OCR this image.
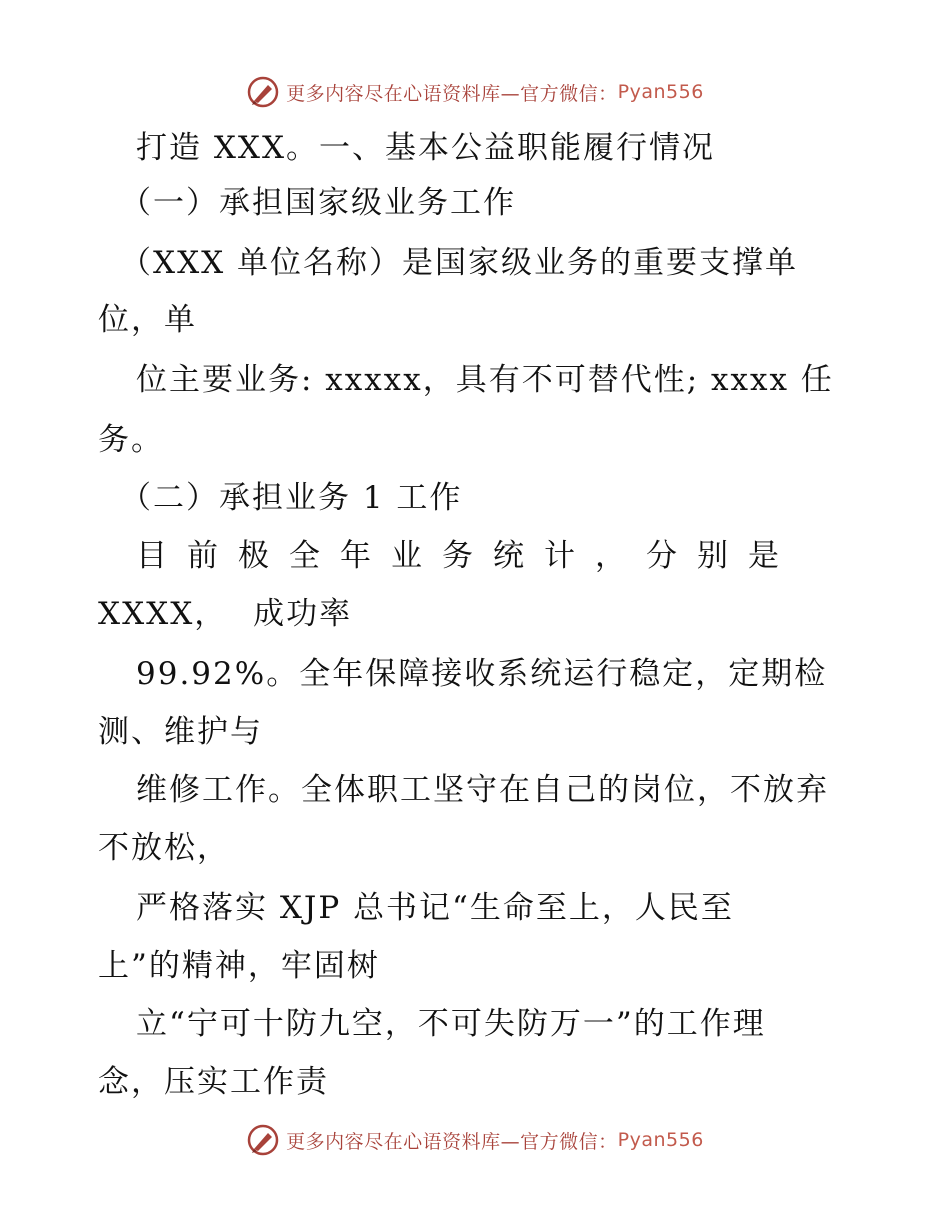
更多内容尽在心语资料库—官方微信： Pyan556
打造 XXX。一、基本公益职能履行情况
（一）承担国家级业务工作
（XXX 单位名称）是国家级业务的重要支撑单
位，单
位主要业务: xxxxx，具有不可替代性; xxxx 任
务。
（二）承担业务 1 工作
目前极全年业务统计，分别是
XXXX， 成功率
99.92%。全年保障接收系统运行稳定，定期检
测、维护与
维修工作。全体职工坚守在自己的岗位，不放弃
不放松，
严格落实 XJP 总书记“生命至上，人民至
上”的精神，牢固树
立“宁可十防九空，不可失防万一”的工作理
念，压实工作责
更多内容尽在心语资料库—官方微信： Pyan556
